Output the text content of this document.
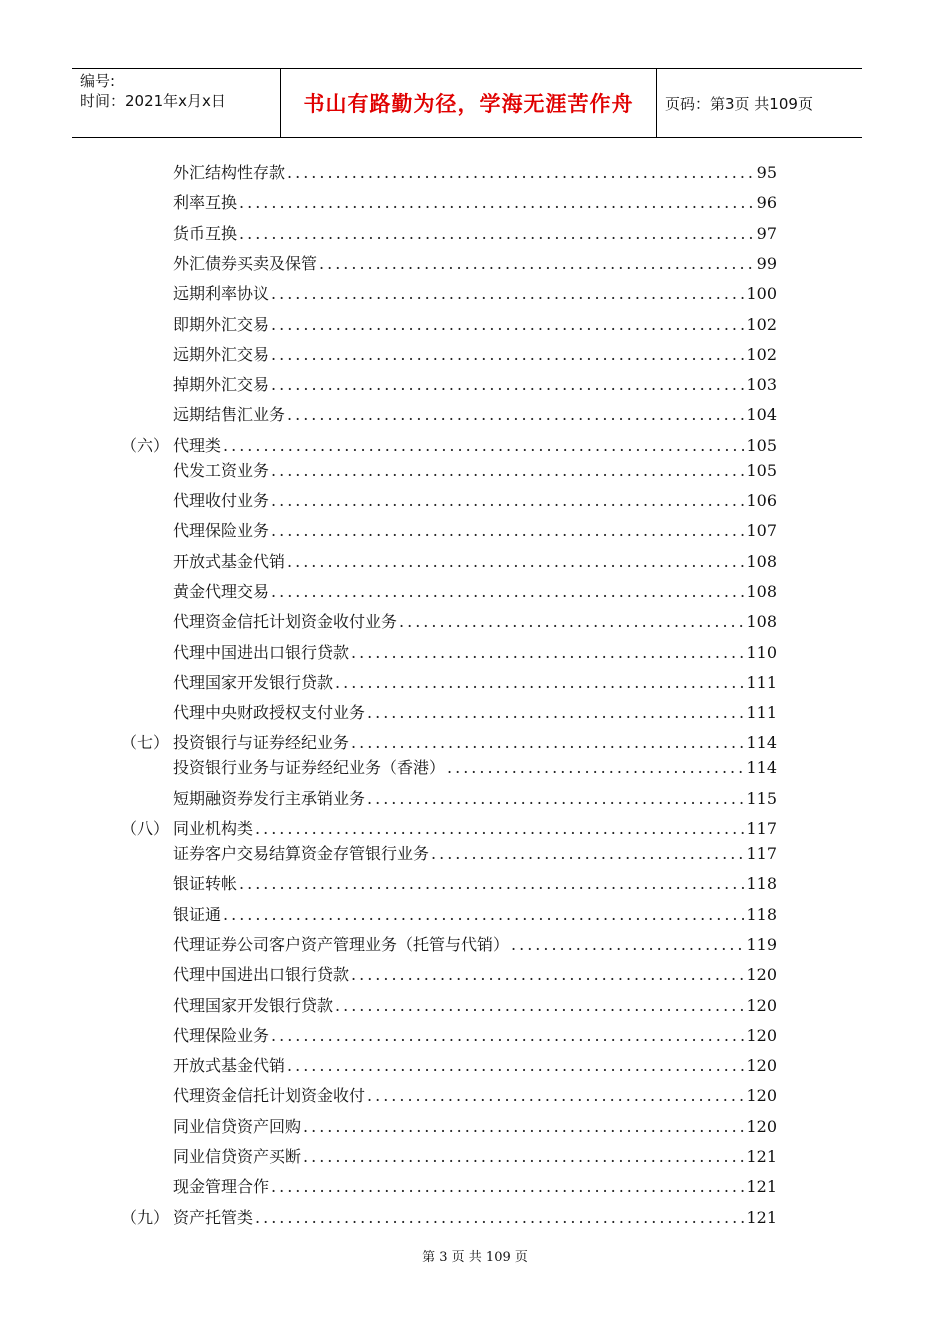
编号:
时间：2021年x月x日	书山有路勤为径，学海无涯苦作舟	页码：第3页 共109页
外汇结构性存款 .....	95
利率互换 .....	96
货币互换 .....	97
外汇债券买卖及保管 .....	99
远期利率协议 .....	100
即期外汇交易 .....	102
远期外汇交易 .....	102
掉期外汇交易 .....	103
远期结售汇业务 .....	104
（六） 代理类 .....	105
代发工资业务 .....	105
代理收付业务 .....	106
代理保险业务 .....	107
开放式基金代销 .....	108
黄金代理交易 .....	108
代理资金信托计划资金收付业务 .....	108
代理中国进出口银行贷款 .....	110
代理国家开发银行贷款 .....	111
代理中央财政授权支付业务 .....	111
（七） 投资银行与证券经纪业务 .....	114
投资银行业务与证券经纪业务（香港） .....	114
短期融资券发行主承销业务 .....	115
（八） 同业机构类 .....	117
证券客户交易结算资金存管银行业务 .....	117
银证转帐 .....	118
银证通 .....	118
代理证券公司客户资产管理业务（托管与代销） .....	119
代理中国进出口银行贷款 .....	120
代理国家开发银行贷款 .....	120
代理保险业务 .....	120
开放式基金代销 .....	120
代理资金信托计划资金收付 .....	120
同业信贷资产回购 .....	120
同业信贷资产买断 .....	121
现金管理合作 .....	121
（九） 资产托管类 .....	121
第 3 页 共 109 页
